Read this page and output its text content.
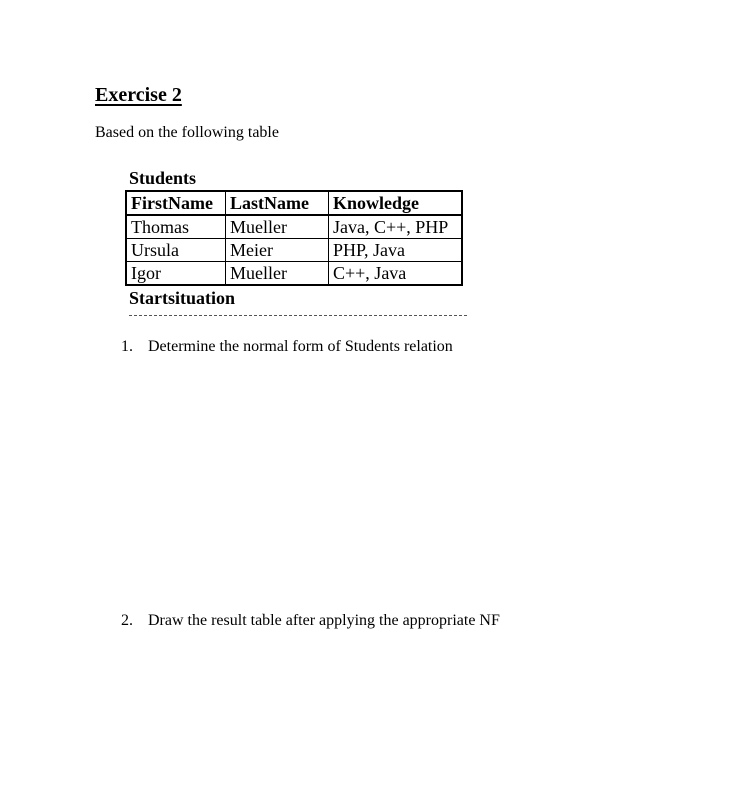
Exercise 2

Based on the following table

Students
FirstName	LastName	Knowledge
Thomas	Mueller	Java, C++, PHP
Ursula	Meier	PHP, Java
Igor	Mueller	C++, Java
Startsituation

1. Determine the normal form of Students relation

2. Draw the result table after applying the appropriate NF
